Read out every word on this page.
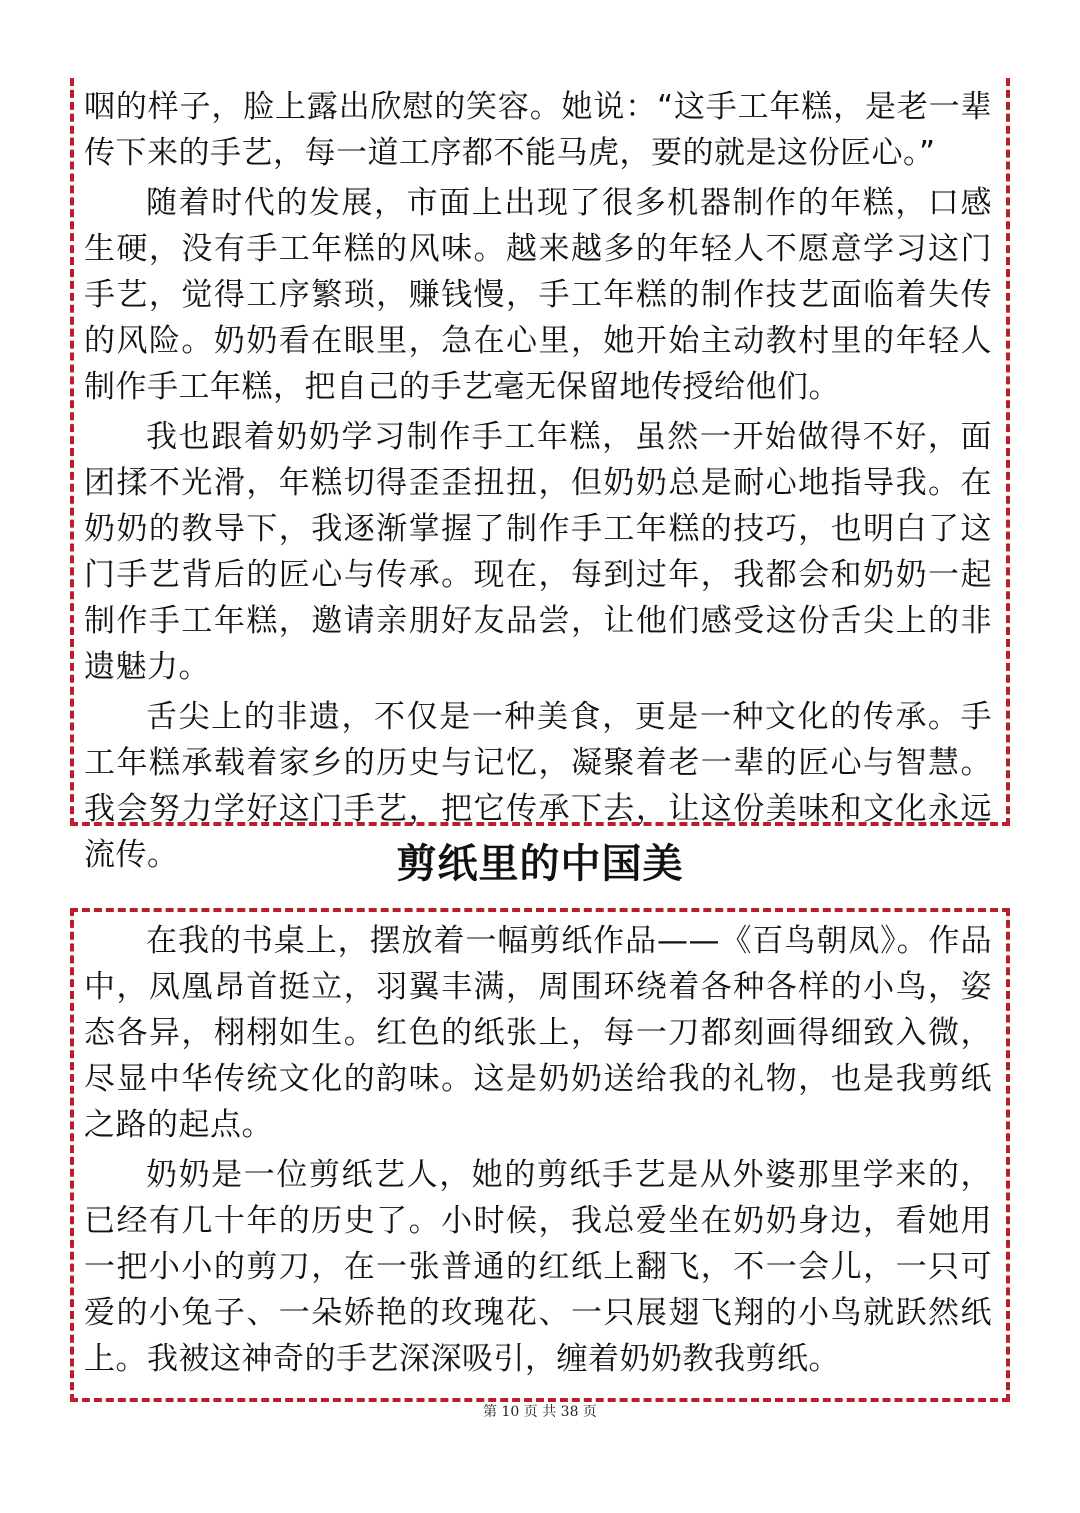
咽的样子，脸上露出欣慰的笑容。她说：“这手工年糕，是老一辈传下来的手艺，每一道工序都不能马虎，要的就是这份匠心。”

随着时代的发展，市面上出现了很多机器制作的年糕，口感生硬，没有手工年糕的风味。越来越多的年轻人不愿意学习这门手艺，觉得工序繁琐，赚钱慢，手工年糕的制作技艺面临着失传的风险。奶奶看在眼里，急在心里，她开始主动教村里的年轻人制作手工年糕，把自己的手艺毫无保留地传授给他们。

我也跟着奶奶学习制作手工年糕，虽然一开始做得不好，面团揉不光滑，年糕切得歪歪扭扭，但奶奶总是耐心地指导我。在奶奶的教导下，我逐渐掌握了制作手工年糕的技巧，也明白了这门手艺背后的匠心与传承。现在，每到过年，我都会和奶奶一起制作手工年糕，邀请亲朋好友品尝，让他们感受这份舌尖上的非遗魅力。

舌尖上的非遗，不仅是一种美食，更是一种文化的传承。手工年糕承载着家乡的历史与记忆，凝聚着老一辈的匠心与智慧。我会努力学好这门手艺，把它传承下去，让这份美味和文化永远流传。	剪纸里的中国美

在我的书桌上，摆放着一幅剪纸作品——《百鸟朝凤》。作品中，凤凰昂首挺立，羽翼丰满，周围环绕着各种各样的小鸟，姿态各异，栩栩如生。红色的纸张上，每一刀都刻画得细致入微，尽显中华传统文化的韵味。这是奶奶送给我的礼物，也是我剪纸之路的起点。

奶奶是一位剪纸艺人，她的剪纸手艺是从外婆那里学来的，已经有几十年的历史了。小时候，我总爱坐在奶奶身边，看她用一把小小的剪刀，在一张普通的红纸上翻飞，不一会儿，一只可爱的小兔子、一朵娇艳的玫瑰花、一只展翅飞翔的小鸟就跃然纸上。我被这神奇的手艺深深吸引，缠着奶奶教我剪纸。

第 10 页 共 38 页
